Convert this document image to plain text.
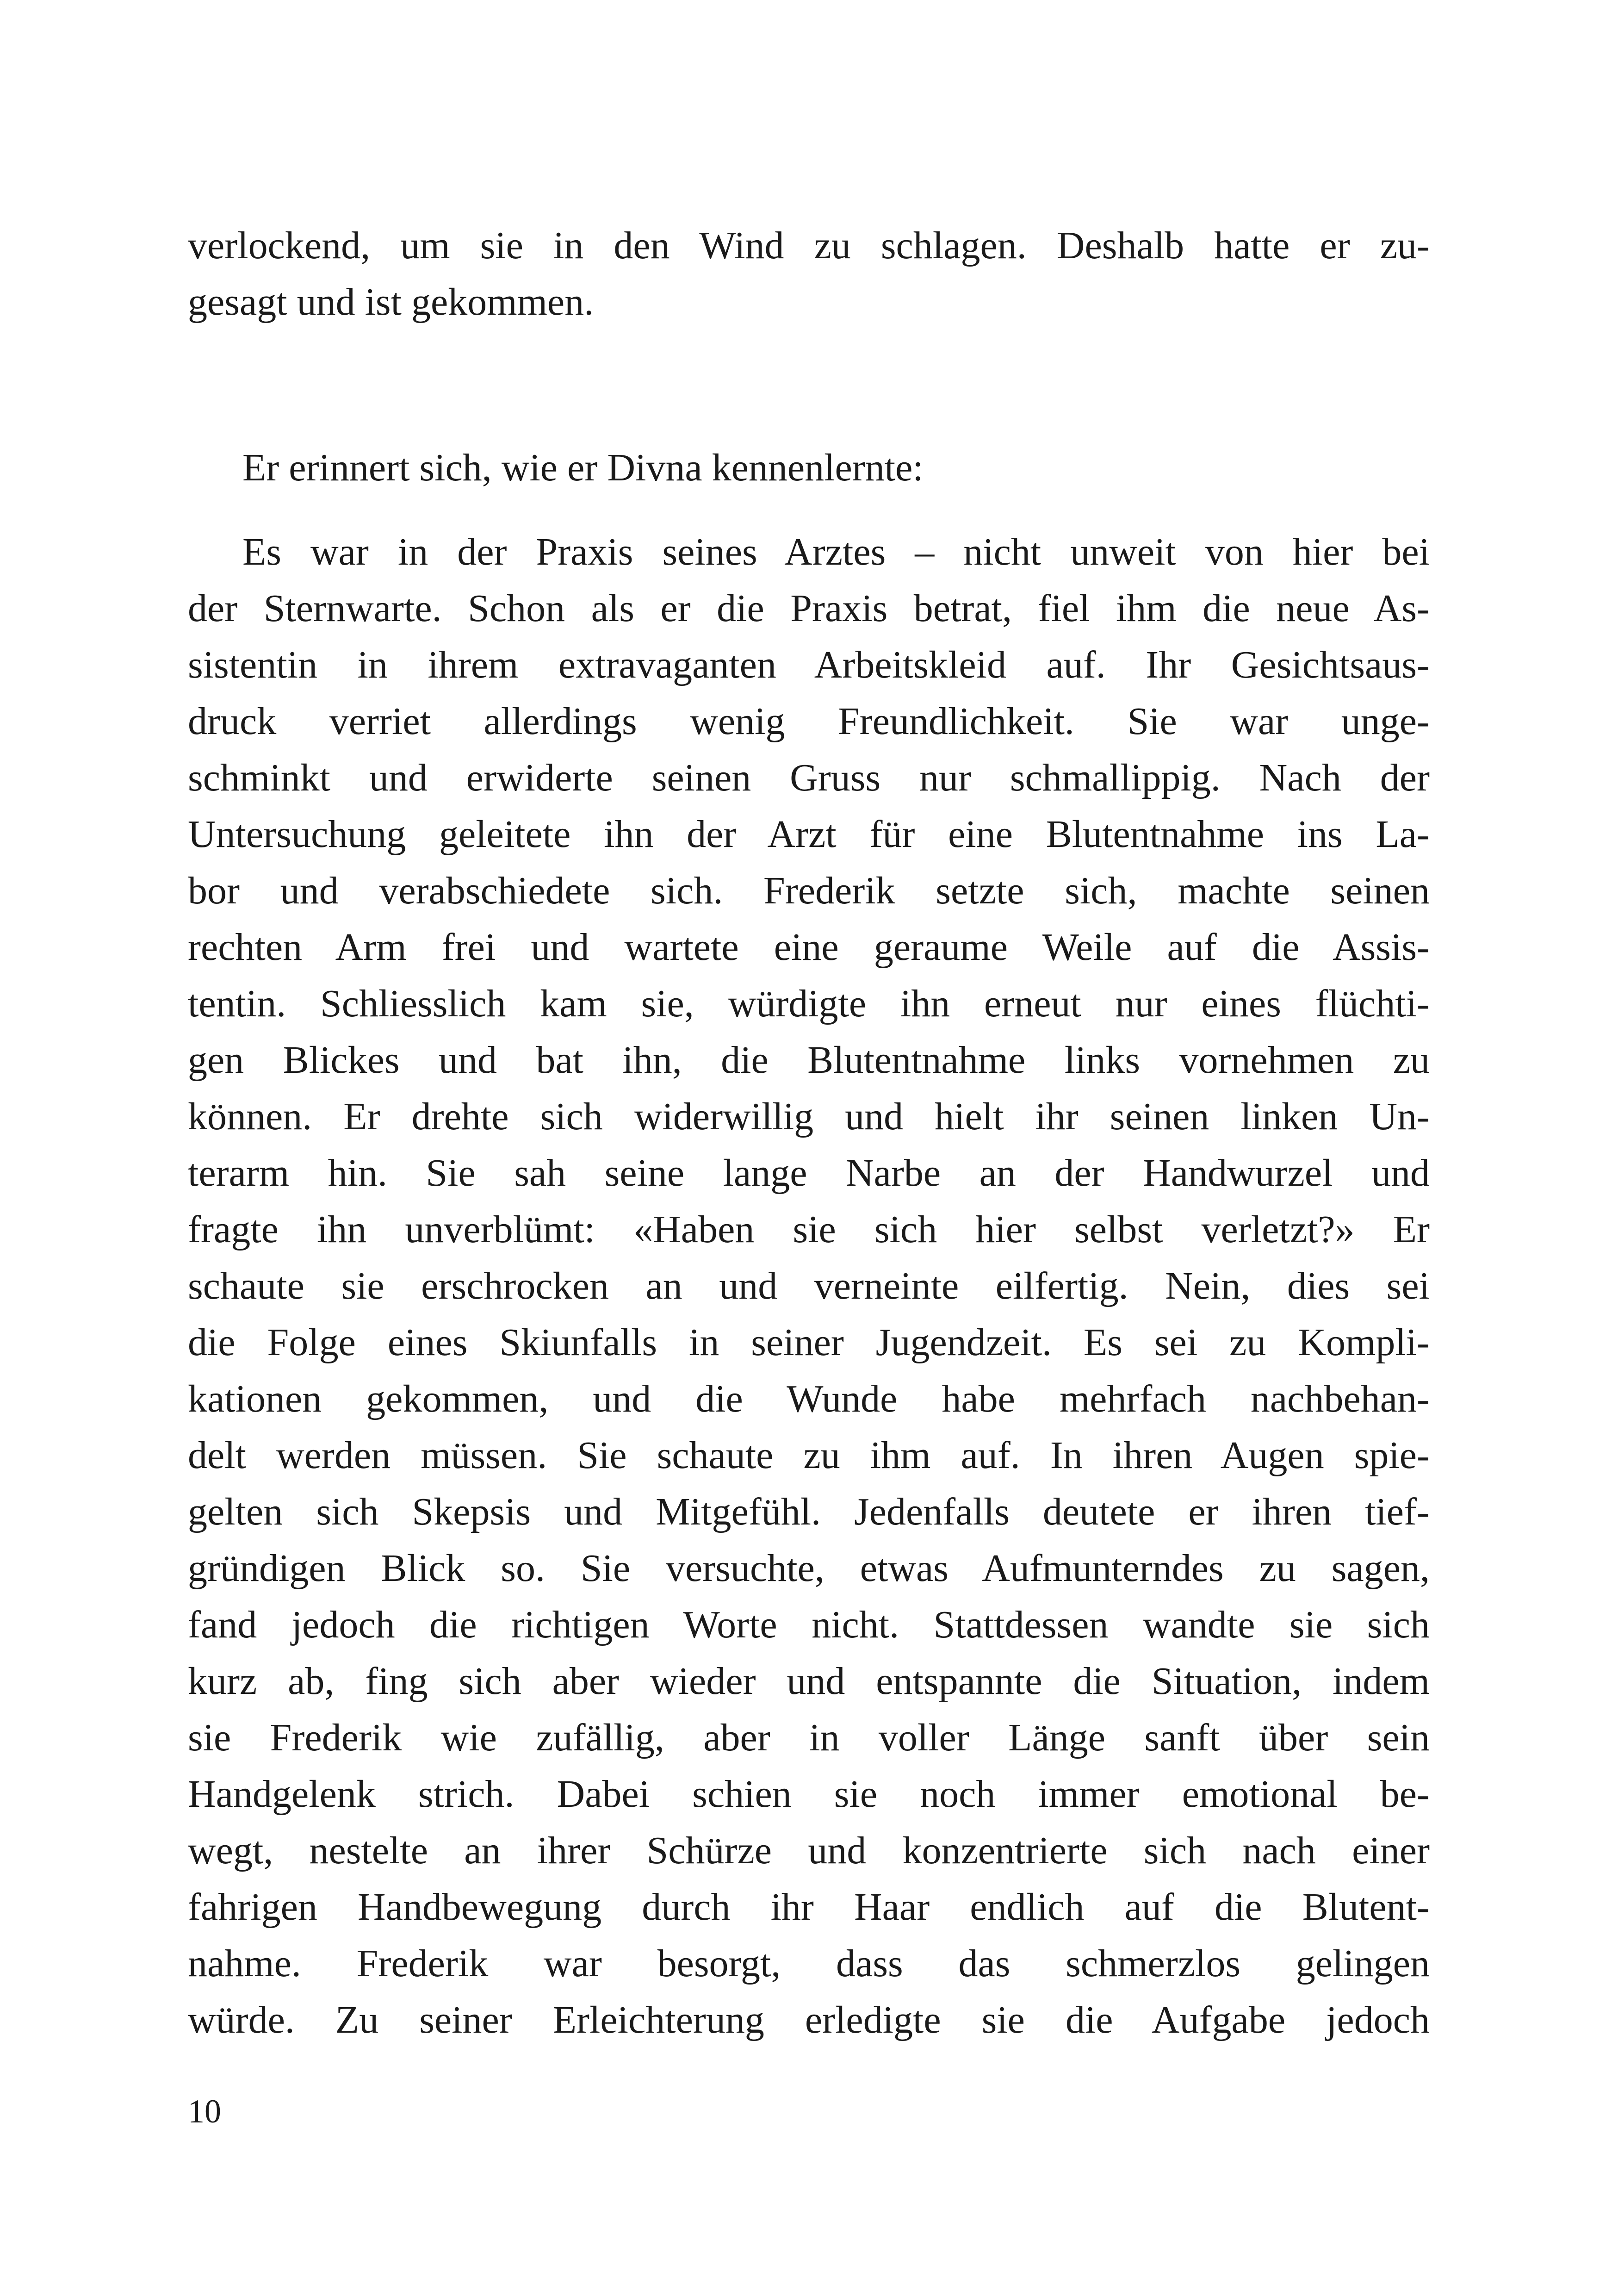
verlockend, um sie in den Wind zu schlagen. Deshalb hatte er zu-
gesagt und ist gekommen.
Er erinnert sich, wie er Divna kennenlernte:
Es war in der Praxis seines Arztes – nicht unweit von hier bei
der Sternwarte. Schon als er die Praxis betrat, fiel ihm die neue As-
sistentin in ihrem extravaganten Arbeitskleid auf. Ihr Gesichtsaus-
druck verriet allerdings wenig Freundlichkeit. Sie war unge-
schminkt und erwiderte seinen Gruss nur schmallippig. Nach der
Untersuchung geleitete ihn der Arzt für eine Blutentnahme ins La-
bor und verabschiedete sich. Frederik setzte sich, machte seinen
rechten Arm frei und wartete eine geraume Weile auf die Assis-
tentin. Schliesslich kam sie, würdigte ihn erneut nur eines flüchti-
gen Blickes und bat ihn, die Blutentnahme links vornehmen zu
können. Er drehte sich widerwillig und hielt ihr seinen linken Un-
terarm hin. Sie sah seine lange Narbe an der Handwurzel und
fragte ihn unverblümt: «Haben sie sich hier selbst verletzt?» Er
schaute sie erschrocken an und verneinte eilfertig. Nein, dies sei
die Folge eines Skiunfalls in seiner Jugendzeit. Es sei zu Kompli-
kationen gekommen, und die Wunde habe mehrfach nachbehan-
delt werden müssen. Sie schaute zu ihm auf. In ihren Augen spie-
gelten sich Skepsis und Mitgefühl. Jedenfalls deutete er ihren tief-
gründigen Blick so. Sie versuchte, etwas Aufmunterndes zu sagen,
fand jedoch die richtigen Worte nicht. Stattdessen wandte sie sich
kurz ab, fing sich aber wieder und entspannte die Situation, indem
sie Frederik wie zufällig, aber in voller Länge sanft über sein
Handgelenk strich. Dabei schien sie noch immer emotional be-
wegt, nestelte an ihrer Schürze und konzentrierte sich nach einer
fahrigen Handbewegung durch ihr Haar endlich auf die Blutent-
nahme. Frederik war besorgt, dass das schmerzlos gelingen
würde. Zu seiner Erleichterung erledigte sie die Aufgabe jedoch
10
